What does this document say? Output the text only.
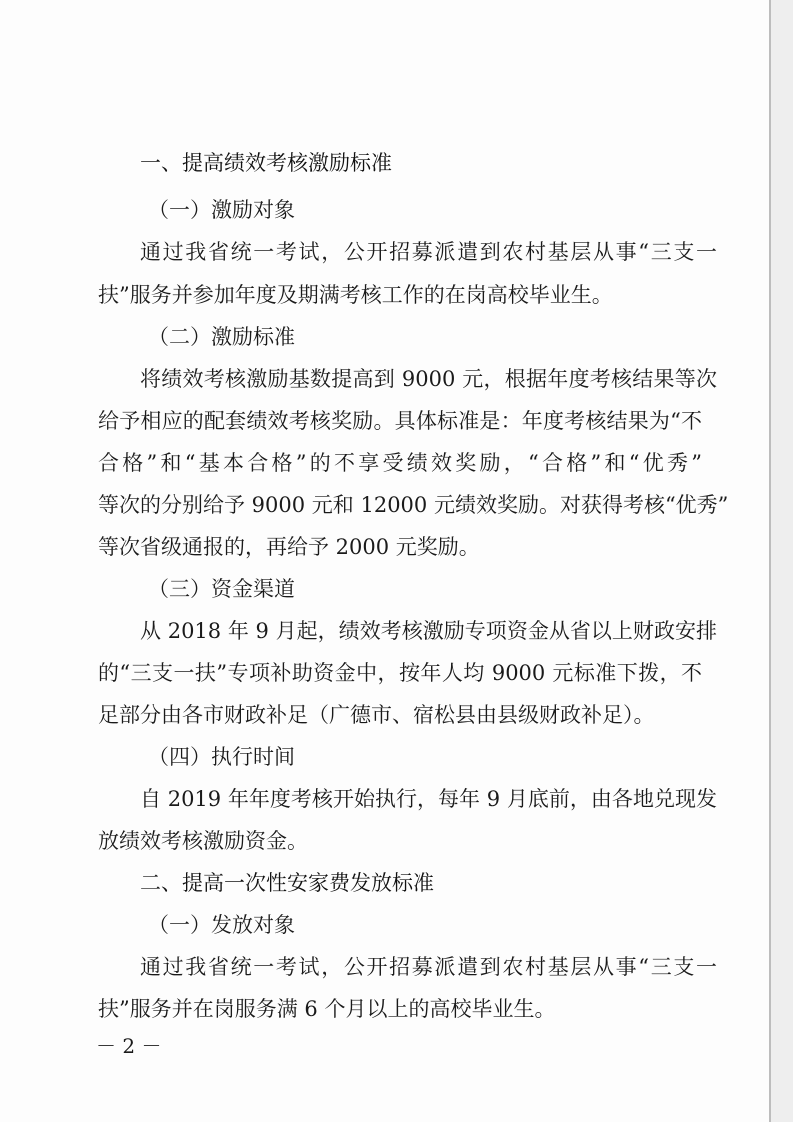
一、提高绩效考核激励标准
（一）激励对象
通过我省统一考试，公开招募派遣到农村基层从事“三支一
扶”服务并参加年度及期满考核工作的在岗高校毕业生。
（二）激励标准
将绩效考核激励基数提高到 9000 元，根据年度考核结果等次
给予相应的配套绩效考核奖励。具体标准是：年度考核结果为“不
合格”和“基本合格”的不享受绩效奖励，“合格”和“优秀”
等次的分别给予 9000 元和 12000 元绩效奖励。对获得考核“优秀”
等次省级通报的，再给予 2000 元奖励。
（三）资金渠道
从 2018 年 9 月起，绩效考核激励专项资金从省以上财政安排
的“三支一扶”专项补助资金中，按年人均 9000 元标准下拨，不
足部分由各市财政补足（广德市、宿松县由县级财政补足）。
（四）执行时间
自 2019 年年度考核开始执行，每年 9 月底前，由各地兑现发
放绩效考核激励资金。
二、提高一次性安家费发放标准
（一）发放对象
通过我省统一考试，公开招募派遣到农村基层从事“三支一
扶”服务并在岗服务满 6 个月以上的高校毕业生。
－ 2 －
